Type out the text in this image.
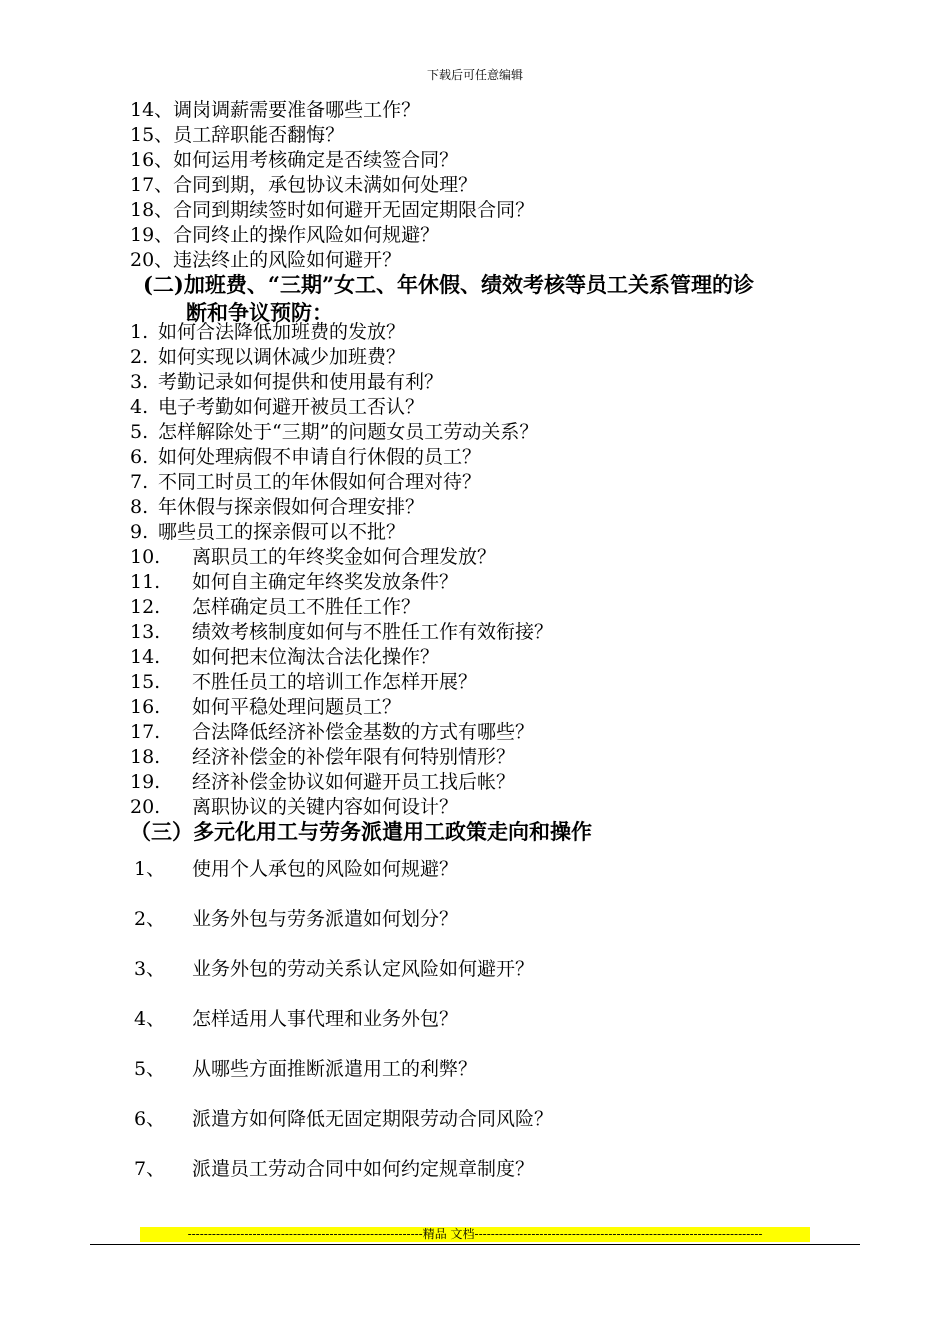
下载后可任意编辑
14、调岗调薪需要准备哪些工作？
15、员工辞职能否翻悔？
16、如何运用考核确定是否续签合同？
17、合同到期，承包协议未满如何处理？
18、合同到期续签时如何避开无固定期限合同？
19、合同终止的操作风险如何规避？
20、违法终止的风险如何避开？
(二)加班费、“三期”女工、年休假、绩效考核等员工关系管理的诊
断和争议预防：
1. 如何合法降低加班费的发放？
2. 如何实现以调休减少加班费？
3. 考勤记录如何提供和使用最有利？
4. 电子考勤如何避开被员工否认？
5. 怎样解除处于“三期”的问题女员工劳动关系？
6. 如何处理病假不申请自行休假的员工？
7. 不同工时员工的年休假如何合理对待？
8. 年休假与探亲假如何合理安排？
9. 哪些员工的探亲假可以不批？
10. 离职员工的年终奖金如何合理发放？
11. 如何自主确定年终奖发放条件？
12. 怎样确定员工不胜任工作？
13. 绩效考核制度如何与不胜任工作有效衔接？
14. 如何把末位淘汰合法化操作？
15. 不胜任员工的培训工作怎样开展？
16. 如何平稳处理问题员工？
17. 合法降低经济补偿金基数的方式有哪些？
18. 经济补偿金的补偿年限有何特别情形？
19. 经济补偿金协议如何避开员工找后帐？
20. 离职协议的关键内容如何设计？
（三）多元化用工与劳务派遣用工政策走向和操作
1、 使用个人承包的风险如何规避？
2、 业务外包与劳务派遣如何划分？
3、 业务外包的劳动关系认定风险如何避开？
4、 怎样适用人事代理和业务外包？
5、 从哪些方面推断派遣用工的利弊？
6、 派遣方如何降低无固定期限劳动合同风险？
7、 派遣员工劳动合同中如何约定规章制度？
----------------------------------------------------------精品 文档-----------------------------------------------------------------------
